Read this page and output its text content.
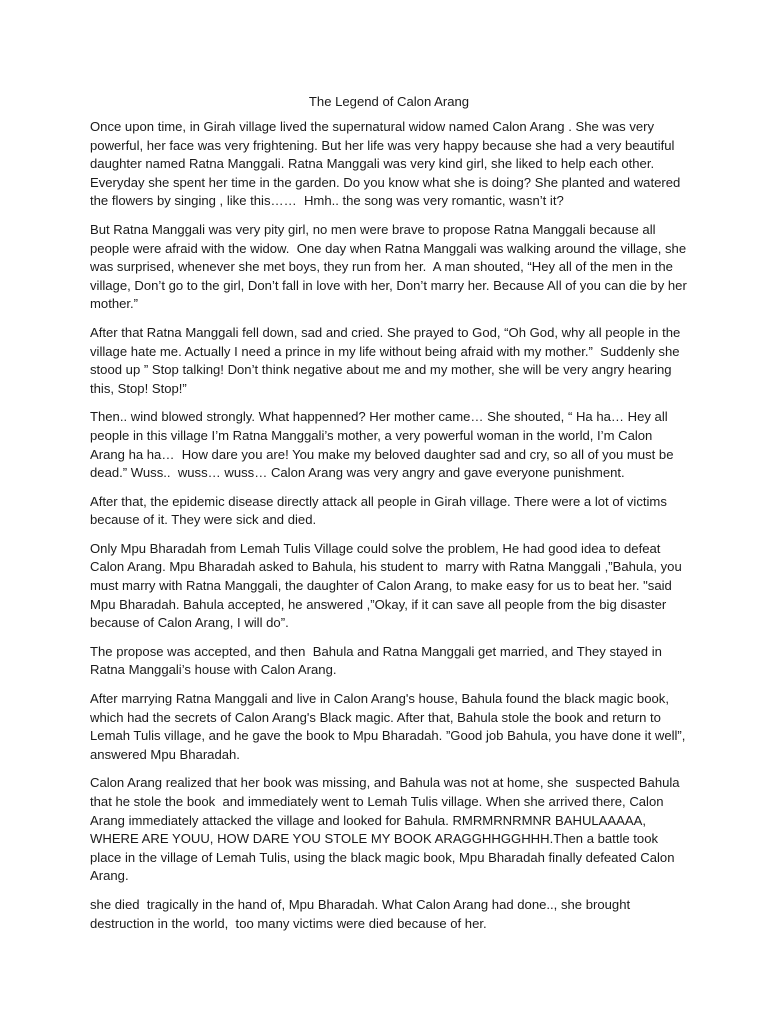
The Legend of Calon Arang

Once upon time, in Girah village lived the supernatural widow named Calon Arang . She was very powerful, her face was very frightening. But her life was very happy because she had a very beautiful daughter named Ratna Manggali. Ratna Manggali was very kind girl, she liked to help each other. Everyday she spent her time in the garden. Do you know what she is doing? She planted and watered the flowers by singing , like this……  Hmh.. the song was very romantic, wasn’t it?

But Ratna Manggali was very pity girl, no men were brave to propose Ratna Manggali because all people were afraid with the widow.  One day when Ratna Manggali was walking around the village, she was surprised, whenever she met boys, they run from her.  A man shouted, “Hey all of the men in the village, Don’t go to the girl, Don’t fall in love with her, Don’t marry her. Because All of you can die by her mother.”

After that Ratna Manggali fell down, sad and cried. She prayed to God, “Oh God, why all people in the village hate me. Actually I need a prince in my life without being afraid with my mother.”  Suddenly she stood up ” Stop talking! Don’t think negative about me and my mother, she will be very angry hearing this, Stop! Stop!”

Then.. wind blowed strongly. What happenned? Her mother came… She shouted, “ Ha ha… Hey all people in this village I’m Ratna Manggali’s mother, a very powerful woman in the world, I’m Calon Arang ha ha…  How dare you are! You make my beloved daughter sad and cry, so all of you must be dead.” Wuss..  wuss… wuss… Calon Arang was very angry and gave everyone punishment.

After that, the epidemic disease directly attack all people in Girah village. There were a lot of victims because of it. They were sick and died.

Only Mpu Bharadah from Lemah Tulis Village could solve the problem, He had good idea to defeat Calon Arang. Mpu Bharadah asked to Bahula, his student to  marry with Ratna Manggali ,”Bahula, you must marry with Ratna Manggali, the daughter of Calon Arang, to make easy for us to beat her. "said Mpu Bharadah. Bahula accepted, he answered ,”Okay, if it can save all people from the big disaster because of Calon Arang, I will do”.

The propose was accepted, and then  Bahula and Ratna Manggali get married, and They stayed in Ratna Manggali’s house with Calon Arang.

After marrying Ratna Manggali and live in Calon Arang's house, Bahula found the black magic book, which had the secrets of Calon Arang's Black magic. After that, Bahula stole the book and return to Lemah Tulis village, and he gave the book to Mpu Bharadah. ”Good job Bahula, you have done it well”, answered Mpu Bharadah.

Calon Arang realized that her book was missing, and Bahula was not at home, she  suspected Bahula that he stole the book  and immediately went to Lemah Tulis village. When she arrived there, Calon Arang immediately attacked the village and looked for Bahula. RMRMRNRMNR BAHULAAAAA, WHERE ARE YOUU, HOW DARE YOU STOLE MY BOOK ARAGGHHGGHHH.Then a battle took place in the village of Lemah Tulis, using the black magic book, Mpu Bharadah finally defeated Calon Arang.

she died  tragically in the hand of, Mpu Bharadah. What Calon Arang had done.., she brought destruction in the world,  too many victims were died because of her.
